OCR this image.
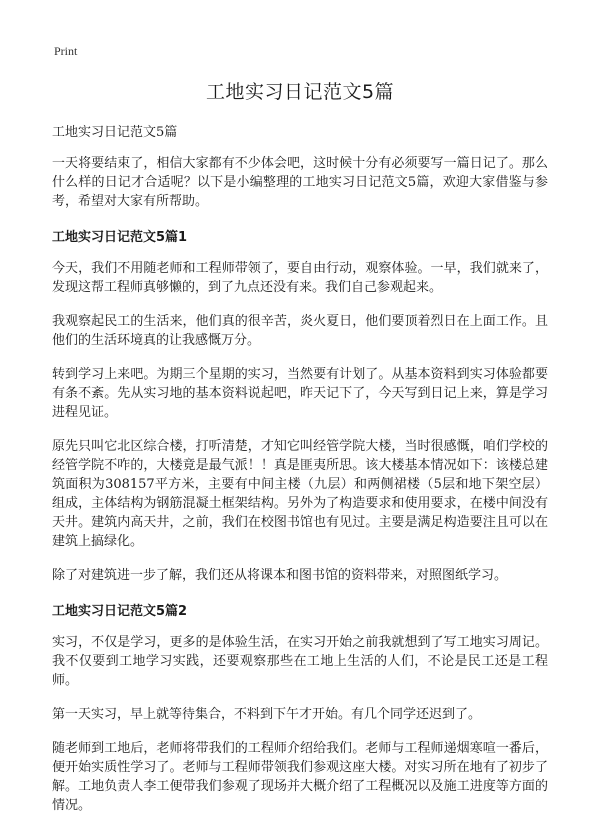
Print
工地实习日记范文5篇
工地实习日记范文5篇

一天将要结束了，相信大家都有不少体会吧，这时候十分有必须要写一篇日记了。那么什么样的日记才合适呢？以下是小编整理的工地实习日记范文5篇，欢迎大家借鉴与参考，希望对大家有所帮助。

工地实习日记范文5篇1

今天，我们不用随老师和工程师带领了，要自由行动，观察体验。一早，我们就来了，发现这帮工程师真够懒的，到了九点还没有来。我们自己参观起来。

我观察起民工的生活来，他们真的很辛苦，炎火夏日，他们要顶着烈日在上面工作。且他们的生活环境真的让我感慨万分。

转到学习上来吧。为期三个星期的实习，当然要有计划了。从基本资料到实习体验都要有条不紊。先从实习地的基本资料说起吧，昨天记下了，今天写到日记上来，算是学习进程见证。

原先只叫它北区综合楼，打听清楚，才知它叫经管学院大楼，当时很感慨，咱们学校的经管学院不咋的，大楼竟是最气派！！真是匪夷所思。该大楼基本情况如下：该楼总建筑面积为308157平方米，主要有中间主楼（九层）和两侧裙楼（5层和地下架空层）组成，主体结构为钢筋混凝土框架结构。另外为了构造要求和使用要求，在楼中间没有天井。建筑内高天井，之前，我们在校图书馆也有见过。主要是满足构造要注且可以在建筑上搞绿化。

除了对建筑进一步了解，我们还从将课本和图书馆的资料带来，对照图纸学习。

工地实习日记范文5篇2

实习，不仅是学习，更多的是体验生活，在实习开始之前我就想到了写工地实习周记。我不仅要到工地学习实践，还要观察那些在工地上生活的人们，不论是民工还是工程师。

第一天实习，早上就等待集合，不料到下午才开始。有几个同学还迟到了。

随老师到工地后，老师将带我们的工程师介绍给我们。老师与工程师递烟寒喧一番后，便开始实质性学习了。老师与工程师带领我们参观这座大楼。对实习所在地有了初步了解。工地负责人李工便带我们参观了现场并大概介绍了工程概况以及施工进度等方面的情况。
